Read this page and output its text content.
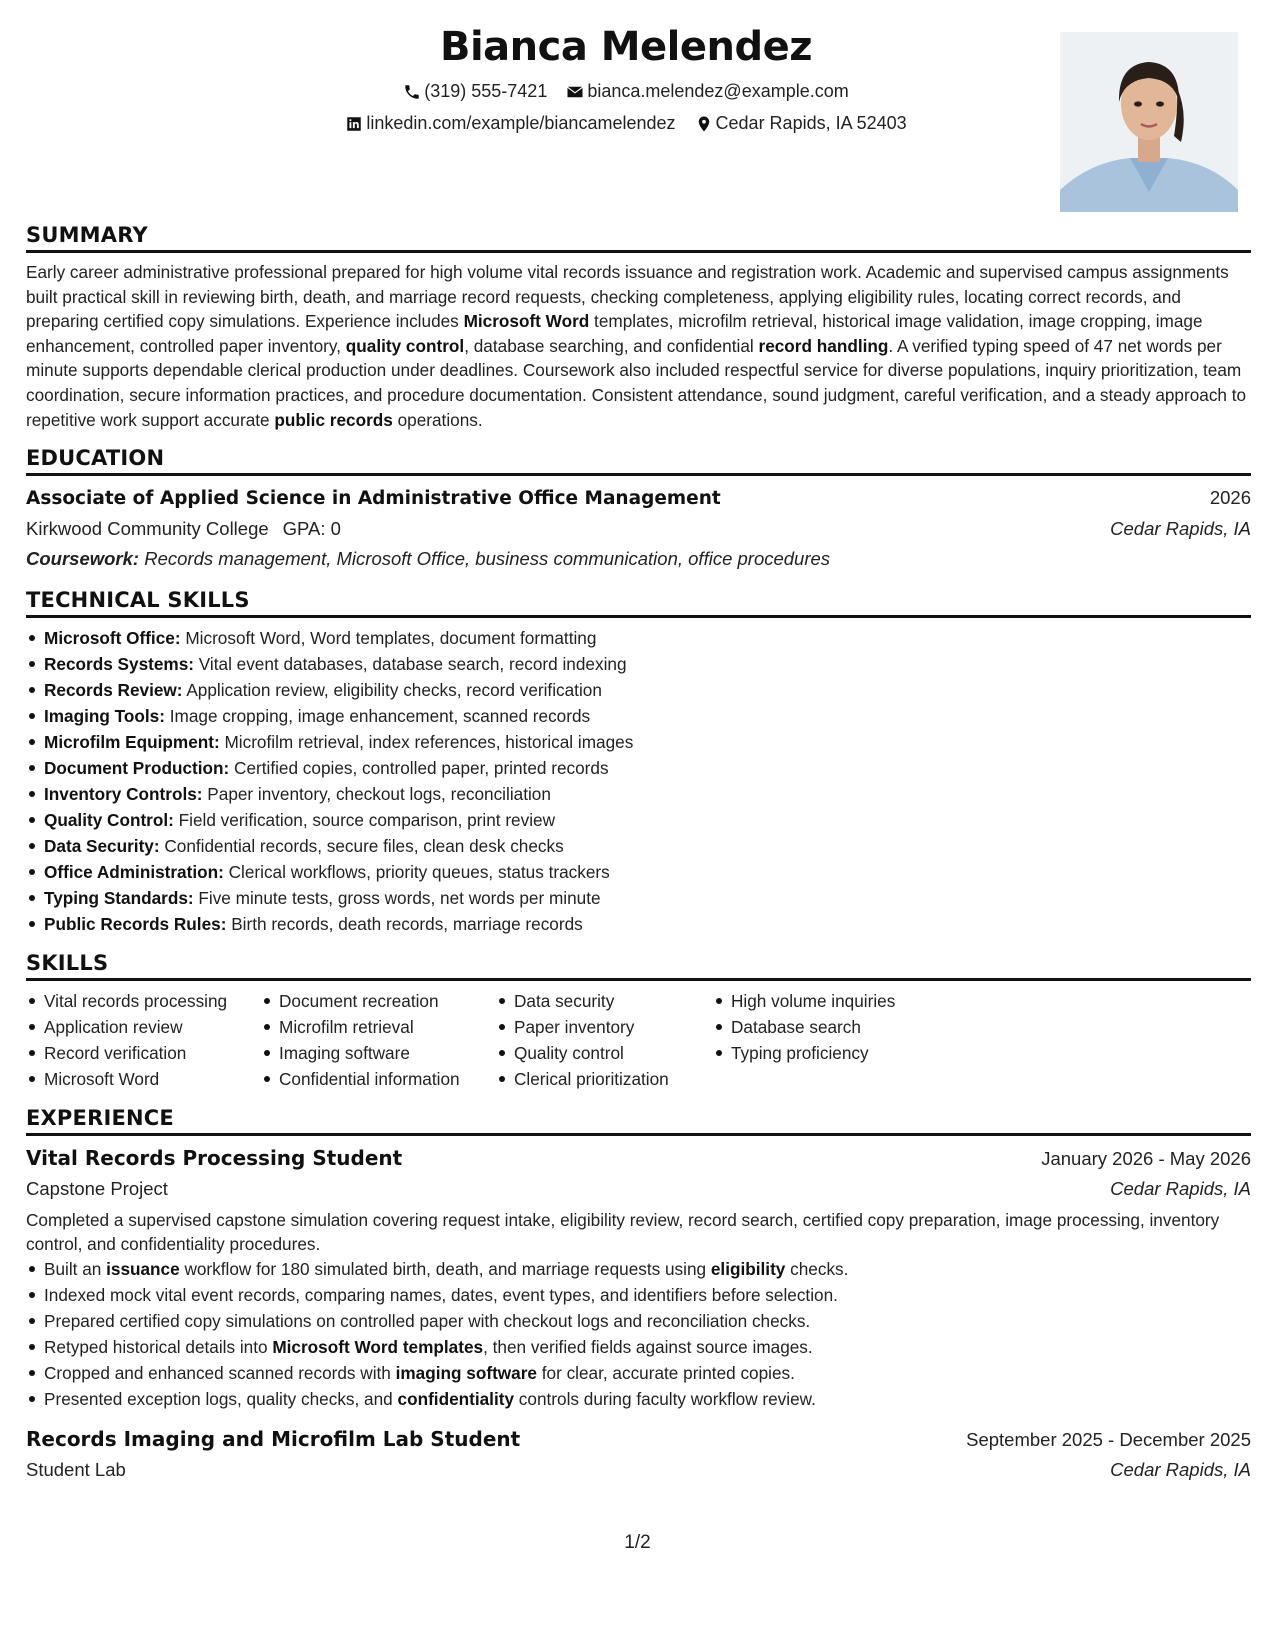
Bianca Melendez
(319) 555-7421
bianca.melendez@example.com
linkedin.com/example/biancamelendez
Cedar Rapids, IA 52403
SUMMARY

Early career administrative professional prepared for high volume vital records issuance and registration work. Academic and supervised campus assignments built practical skill in reviewing birth, death, and marriage record requests, checking completeness, applying eligibility rules, locating correct records, and preparing certified copy simulations. Experience includes Microsoft Word templates, microfilm retrieval, historical image validation, image cropping, image enhancement, controlled paper inventory, quality control, database searching, and confidential record handling. A verified typing speed of 47 net words per minute supports dependable clerical production under deadlines. Coursework also included respectful service for diverse populations, inquiry prioritization, team coordination, secure information practices, and procedure documentation. Consistent attendance, sound judgment, careful verification, and a steady approach to repetitive work support accurate public records operations.

EDUCATION
Associate of Applied Science in Administrative Office Management	2026
Kirkwood Community College GPA: 0	Cedar Rapids, IA
Coursework: Records management, Microsoft Office, business communication, office procedures
TECHNICAL SKILLS
Microsoft Office: Microsoft Word, Word templates, document formatting
Records Systems: Vital event databases, database search, record indexing
Records Review: Application review, eligibility checks, record verification
Imaging Tools: Image cropping, image enhancement, scanned records
Microfilm Equipment: Microfilm retrieval, index references, historical images
Document Production: Certified copies, controlled paper, printed records
Inventory Controls: Paper inventory, checkout logs, reconciliation
Quality Control: Field verification, source comparison, print review
Data Security: Confidential records, secure files, clean desk checks
Office Administration: Clerical workflows, priority queues, status trackers
Typing Standards: Five minute tests, gross words, net words per minute
Public Records Rules: Birth records, death records, marriage records
SKILLS
Vital records processing
Application review
Record verification
Microsoft Word
Document recreation
Microfilm retrieval
Imaging software
Confidential information
Data security
Paper inventory
Quality control
Clerical prioritization
High volume inquiries
Database search
Typing proficiency
EXPERIENCE
Vital Records Processing Student	January 2026 - May 2026
Capstone Project	Cedar Rapids, IA

Completed a supervised capstone simulation covering request intake, eligibility review, record search, certified copy preparation, image processing, inventory control, and confidentiality procedures.

Built an issuance workflow for 180 simulated birth, death, and marriage requests using eligibility checks.
Indexed mock vital event records, comparing names, dates, event types, and identifiers before selection.
Prepared certified copy simulations on controlled paper with checkout logs and reconciliation checks.
Retyped historical details into Microsoft Word templates, then verified fields against source images.
Cropped and enhanced scanned records with imaging software for clear, accurate printed copies.
Presented exception logs, quality checks, and confidentiality controls during faculty workflow review.
Records Imaging and Microfilm Lab Student	September 2025 - December 2025
Student Lab	Cedar Rapids, IA
1/2
